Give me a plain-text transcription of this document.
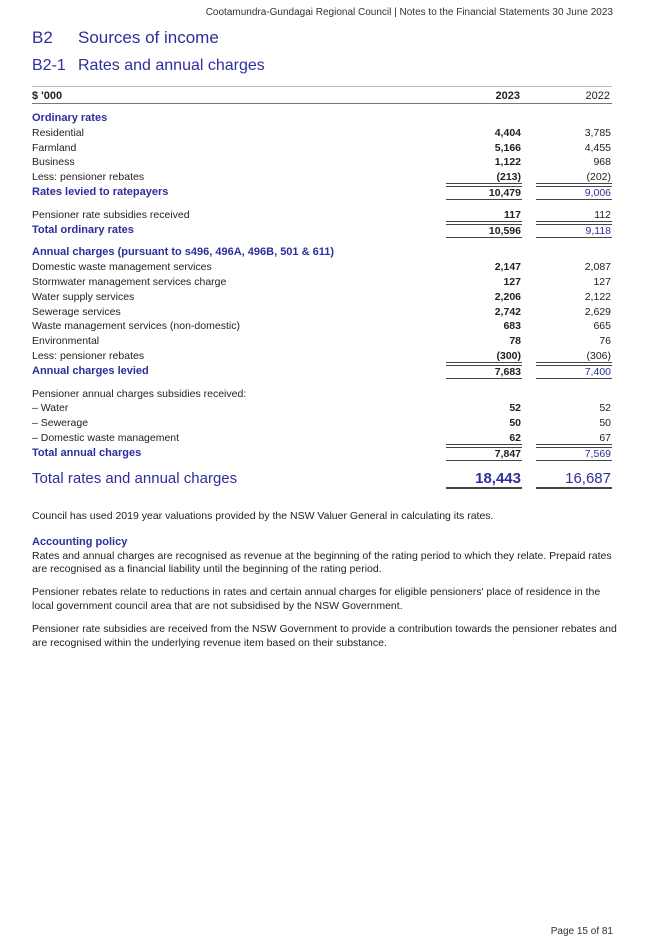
Cootamundra-Gundagai Regional Council | Notes to the Financial Statements 30 June 2023
B2 Sources of income
B2-1 Rates and annual charges
$ '000	2023	2022
Ordinary rates
Residential	4,404	3,785
Farmland	5,166	4,455
Business	1,122	968
Less: pensioner rebates	(213)	(202)
Rates levied to ratepayers	10,479	9,006
Pensioner rate subsidies received	117	112
Total ordinary rates	10,596	9,118
Annual charges (pursuant to s496, 496A, 496B, 501 & 611)
Domestic waste management services	2,147	2,087
Stormwater management services charge	127	127
Water supply services	2,206	2,122
Sewerage services	2,742	2,629
Waste management services (non-domestic)	683	665
Environmental	78	76
Less: pensioner rebates	(300)	(306)
Annual charges levied	7,683	7,400
Pensioner annual charges subsidies received:
– Water	52	52
– Sewerage	50	50
– Domestic waste management	62	67
Total annual charges	7,847	7,569
Total rates and annual charges	18,443	16,687
Council has used 2019 year valuations provided by the NSW Valuer General in calculating its rates.
Accounting policy
Rates and annual charges are recognised as revenue at the beginning of the rating period to which they relate. Prepaid rates are recognised as a financial liability until the beginning of the rating period.
Pensioner rebates relate to reductions in rates and certain annual charges for eligible pensioners' place of residence in the local government council area that are not subsidised by the NSW Government.
Pensioner rate subsidies are received from the NSW Government to provide a contribution towards the pensioner rebates and are recognised within the underlying revenue item based on their substance.
Page 15 of 81
